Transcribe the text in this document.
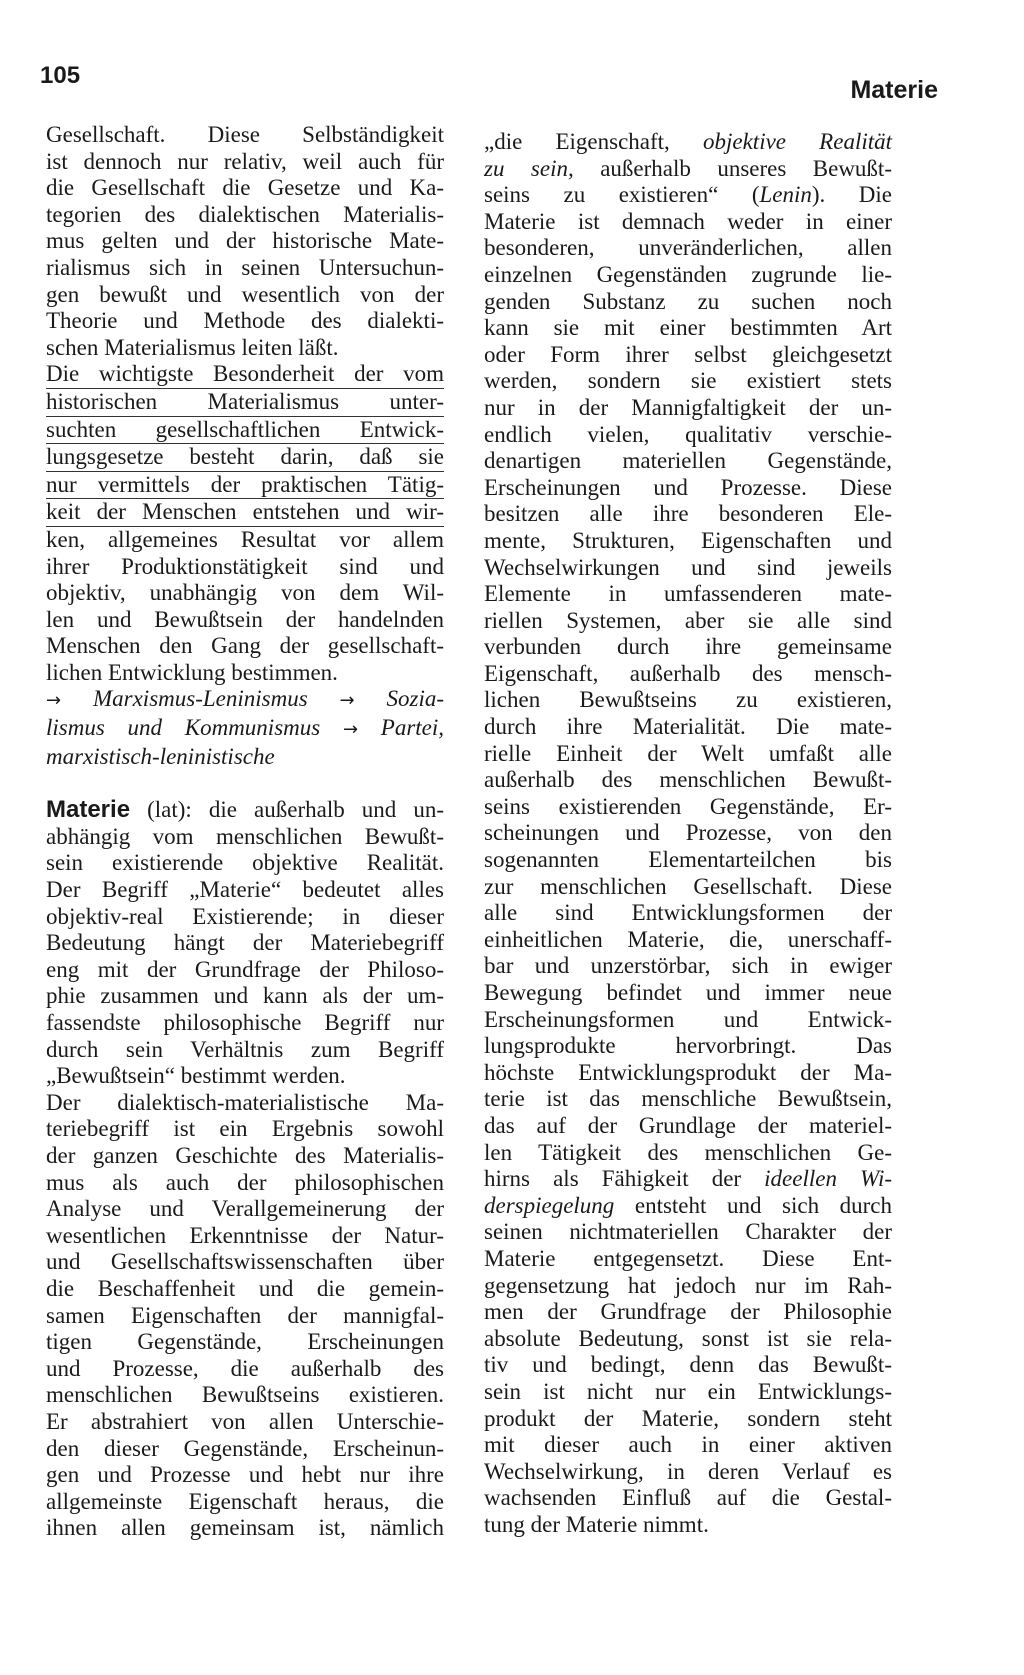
105
Materie

Gesellschaft. Diese Selbständigkeit
ist dennoch nur relativ, weil auch für
die Gesellschaft die Gesetze und Ka-
tegorien des dialektischen Materialis-
mus gelten und der historische Mate-
rialismus sich in seinen Untersuchun-
gen bewußt und wesentlich von der
Theorie und Methode des dialekti-
schen Materialismus leiten läßt.

Die wichtigste Besonderheit der vom
historischen Materialismus unter-
suchten gesellschaftlichen Entwick-
lungsgesetze besteht darin, daß sie
nur vermittels der praktischen Tätig-
keit der Menschen entstehen und wir-
ken, allgemeines Resultat vor allem
ihrer Produktionstätigkeit sind und
objektiv, unabhängig von dem Wil-
len und Bewußtsein der handelnden
Menschen den Gang der gesellschaft-
lichen Entwicklung bestimmen.

→ Marxismus-Leninismus → Sozia-
lismus und Kommunismus → Partei,
marxistisch-leninistische

Materie (lat): die außerhalb und un-
abhängig vom menschlichen Bewußt-
sein existierende objektive Realität.
Der Begriff „Materie“ bedeutet alles
objektiv-real Existierende; in dieser
Bedeutung hängt der Materiebegriff
eng mit der Grundfrage der Philoso-
phie zusammen und kann als der um-
fassendste philosophische Begriff nur
durch sein Verhältnis zum Begriff
„Bewußtsein“ bestimmt werden.

Der dialektisch-materialistische Ma-
teriebegriff ist ein Ergebnis sowohl
der ganzen Geschichte des Materialis-
mus als auch der philosophischen
Analyse und Verallgemeinerung der
wesentlichen Erkenntnisse der Natur-
und Gesellschaftswissenschaften über
die Beschaffenheit und die gemein-
samen Eigenschaften der mannigfal-
tigen Gegenstände, Erscheinungen
und Prozesse, die außerhalb des
menschlichen Bewußtseins existieren.
Er abstrahiert von allen Unterschie-
den dieser Gegenstände, Erscheinun-
gen und Prozesse und hebt nur ihre
allgemeinste Eigenschaft heraus, die
ihnen allen gemeinsam ist, nämlich

„die Eigenschaft, objektive Realität
zu sein, außerhalb unseres Bewußt-
seins zu existieren“ (Lenin). Die
Materie ist demnach weder in einer
besonderen, unveränderlichen, allen
einzelnen Gegenständen zugrunde lie-
genden Substanz zu suchen noch
kann sie mit einer bestimmten Art
oder Form ihrer selbst gleichgesetzt
werden, sondern sie existiert stets
nur in der Mannigfaltigkeit der un-
endlich vielen, qualitativ verschie-
denartigen materiellen Gegenstände,
Erscheinungen und Prozesse. Diese
besitzen alle ihre besonderen Ele-
mente, Strukturen, Eigenschaften und
Wechselwirkungen und sind jeweils
Elemente in umfassenderen mate-
riellen Systemen, aber sie alle sind
verbunden durch ihre gemeinsame
Eigenschaft, außerhalb des mensch-
lichen Bewußtseins zu existieren,
durch ihre Materialität. Die mate-
rielle Einheit der Welt umfaßt alle
außerhalb des menschlichen Bewußt-
seins existierenden Gegenstände, Er-
scheinungen und Prozesse, von den
sogenannten Elementarteilchen bis
zur menschlichen Gesellschaft. Diese
alle sind Entwicklungsformen der
einheitlichen Materie, die, unerschaff-
bar und unzerstörbar, sich in ewiger
Bewegung befindet und immer neue
Erscheinungsformen und Entwick-
lungsprodukte hervorbringt. Das
höchste Entwicklungsprodukt der Ma-
terie ist das menschliche Bewußtsein,
das auf der Grundlage der materiel-
len Tätigkeit des menschlichen Ge-
hirns als Fähigkeit der ideellen Wi-
derspiegelung entsteht und sich durch
seinen nichtmateriellen Charakter der
Materie entgegensetzt. Diese Ent-
gegensetzung hat jedoch nur im Rah-
men der Grundfrage der Philosophie
absolute Bedeutung, sonst ist sie rela-
tiv und bedingt, denn das Bewußt-
sein ist nicht nur ein Entwicklungs-
produkt der Materie, sondern steht
mit dieser auch in einer aktiven
Wechselwirkung, in deren Verlauf es
wachsenden Einfluß auf die Gestal-
tung der Materie nimmt.
